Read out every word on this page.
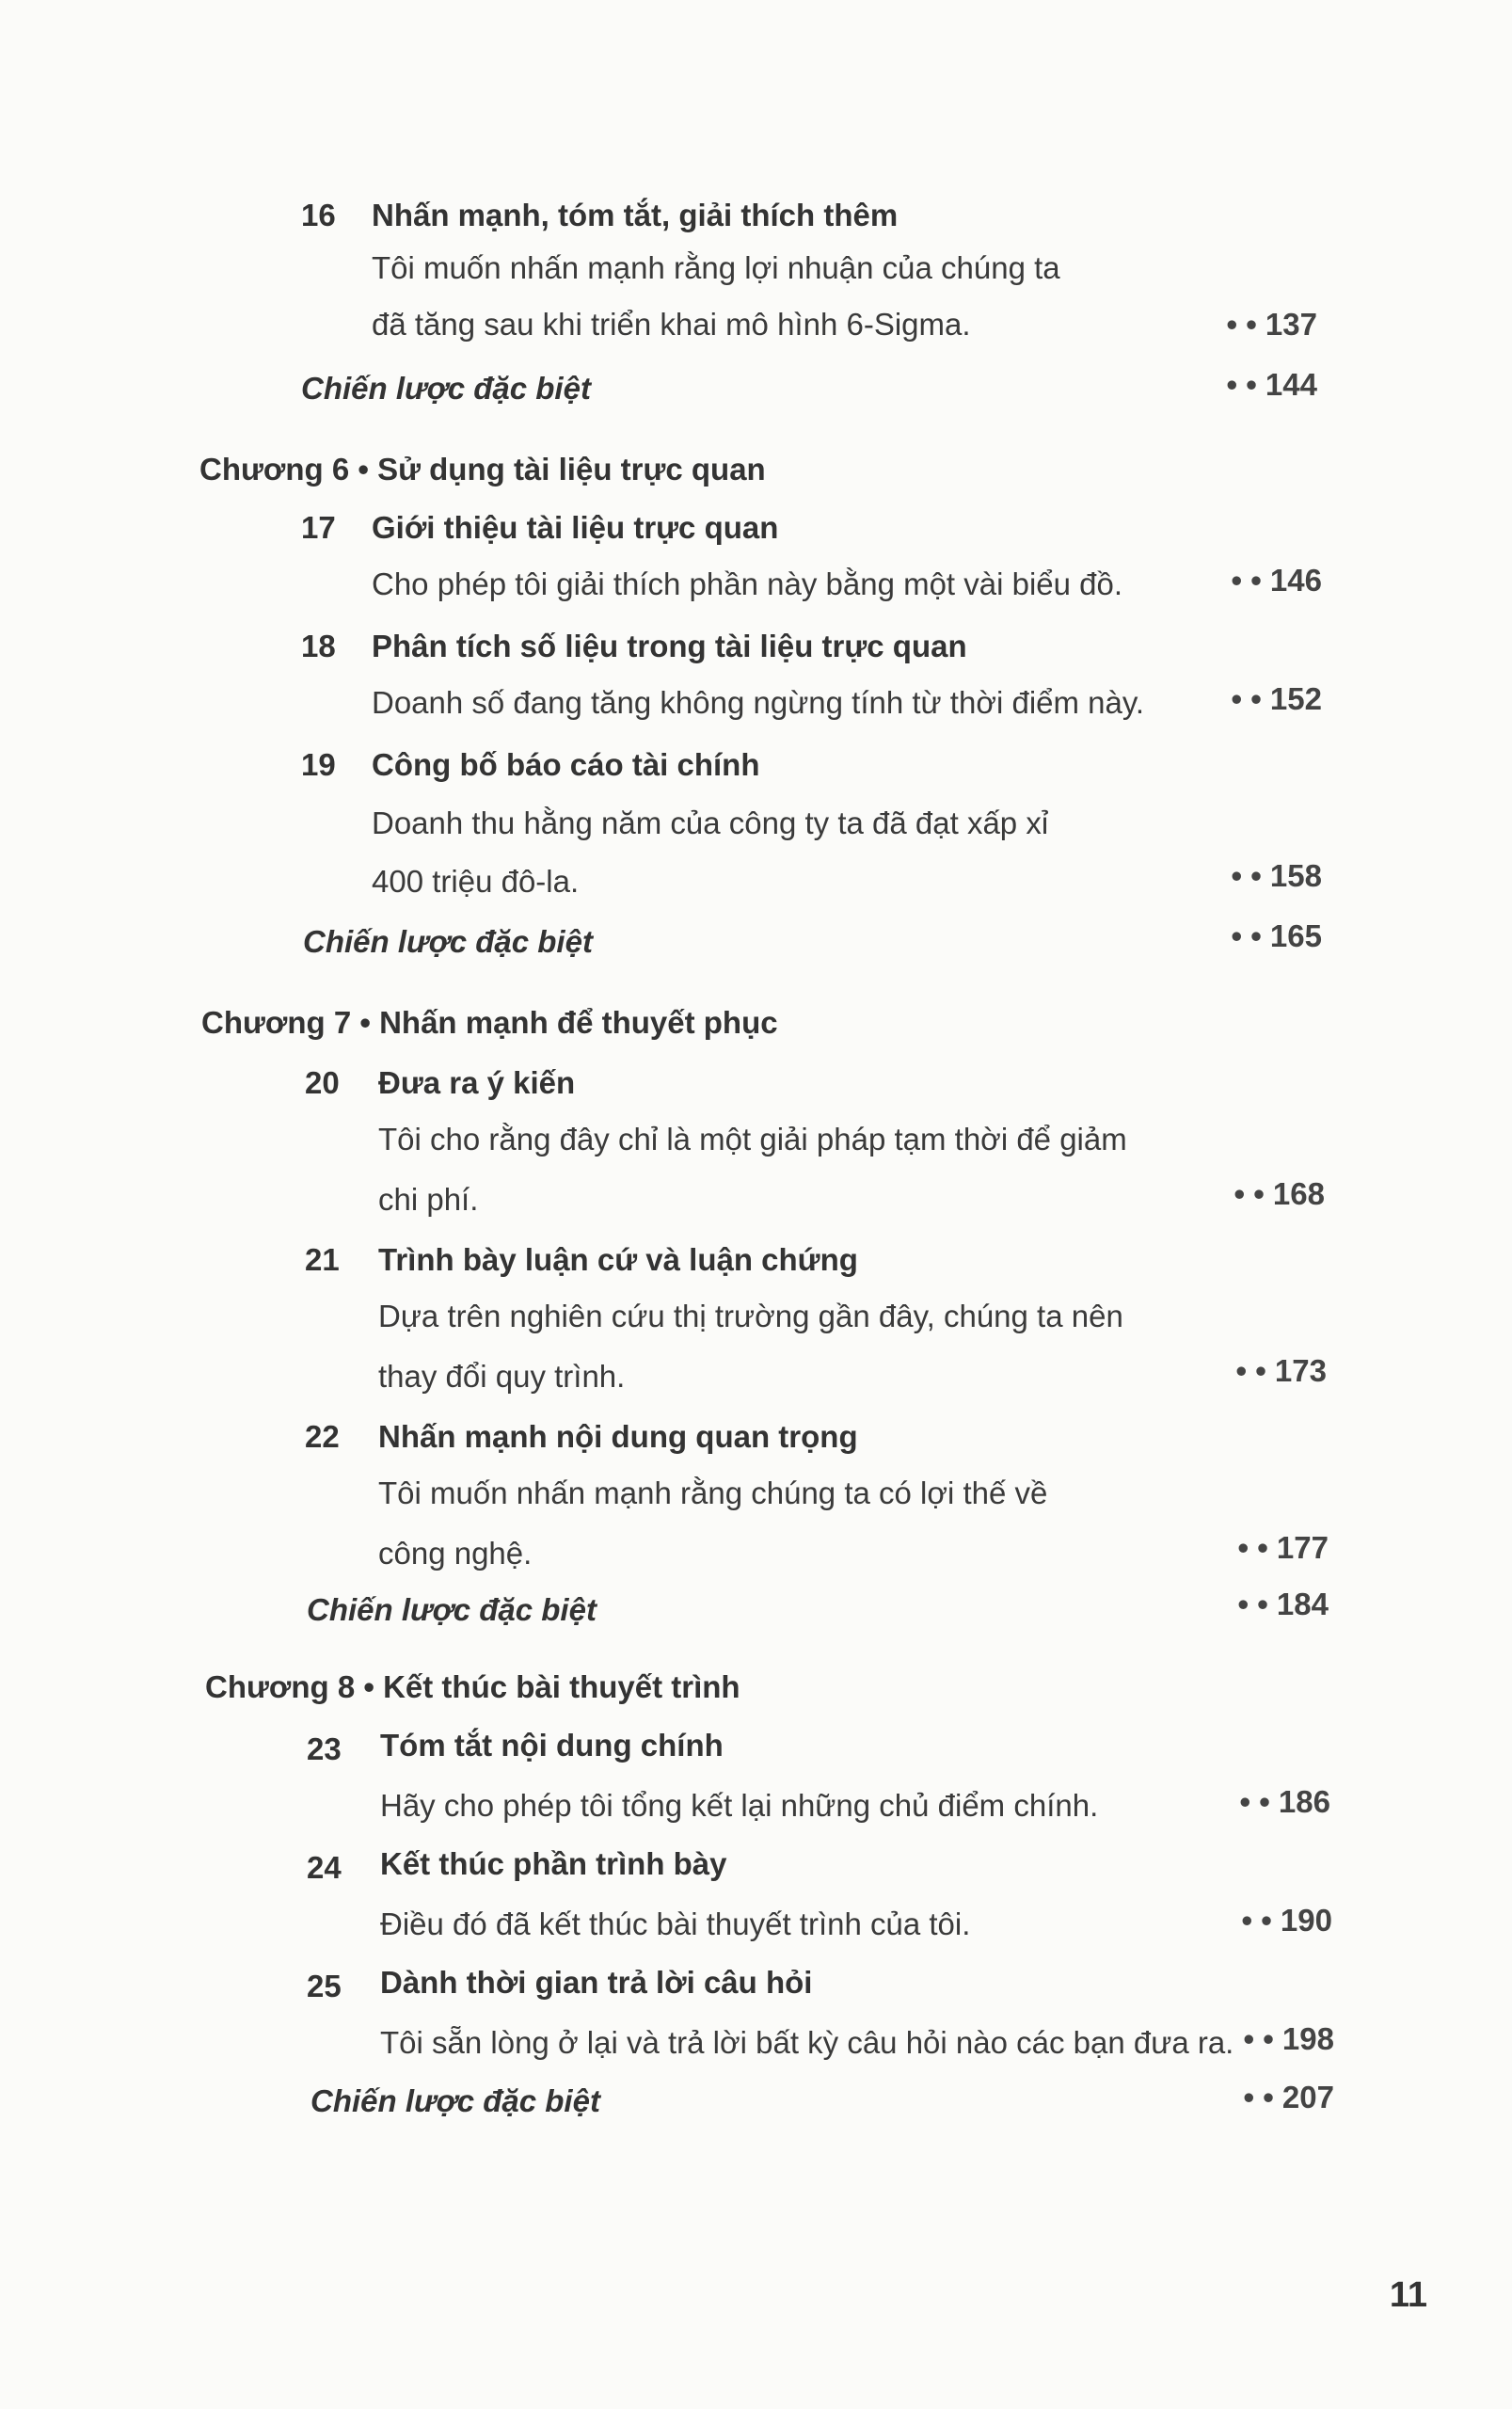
16 Nhấn mạnh, tóm tắt, giải thích thêm
Tôi muốn nhấn mạnh rằng lợi nhuận của chúng ta
đã tăng sau khi triển khai mô hình 6-Sigma.	• • 137
Chiến lược đặc biệt	• • 144
Chương 6 • Sử dụng tài liệu trực quan
17 Giới thiệu tài liệu trực quan
Cho phép tôi giải thích phần này bằng một vài biểu đồ.	• • 146
18 Phân tích số liệu trong tài liệu trực quan
Doanh số đang tăng không ngừng tính từ thời điểm này.	• • 152
19 Công bố báo cáo tài chính
Doanh thu hằng năm của công ty ta đã đạt xấp xỉ
400 triệu đô-la.	• • 158
Chiến lược đặc biệt	• • 165
Chương 7 • Nhấn mạnh để thuyết phục
20 Đưa ra ý kiến
Tôi cho rằng đây chỉ là một giải pháp tạm thời để giảm
chi phí.	• • 168
21 Trình bày luận cứ và luận chứng
Dựa trên nghiên cứu thị trường gần đây, chúng ta nên
thay đổi quy trình.	• • 173
22 Nhấn mạnh nội dung quan trọng
Tôi muốn nhấn mạnh rằng chúng ta có lợi thế về
công nghệ.	• • 177
Chiến lược đặc biệt	• • 184
Chương 8 • Kết thúc bài thuyết trình
23 Tóm tắt nội dung chính
Hãy cho phép tôi tổng kết lại những chủ điểm chính.	• • 186
24 Kết thúc phần trình bày
Điều đó đã kết thúc bài thuyết trình của tôi.	• • 190
25 Dành thời gian trả lời câu hỏi
Tôi sẵn lòng ở lại và trả lời bất kỳ câu hỏi nào các bạn đưa ra. • • 198
Chiến lược đặc biệt	• • 207
11
